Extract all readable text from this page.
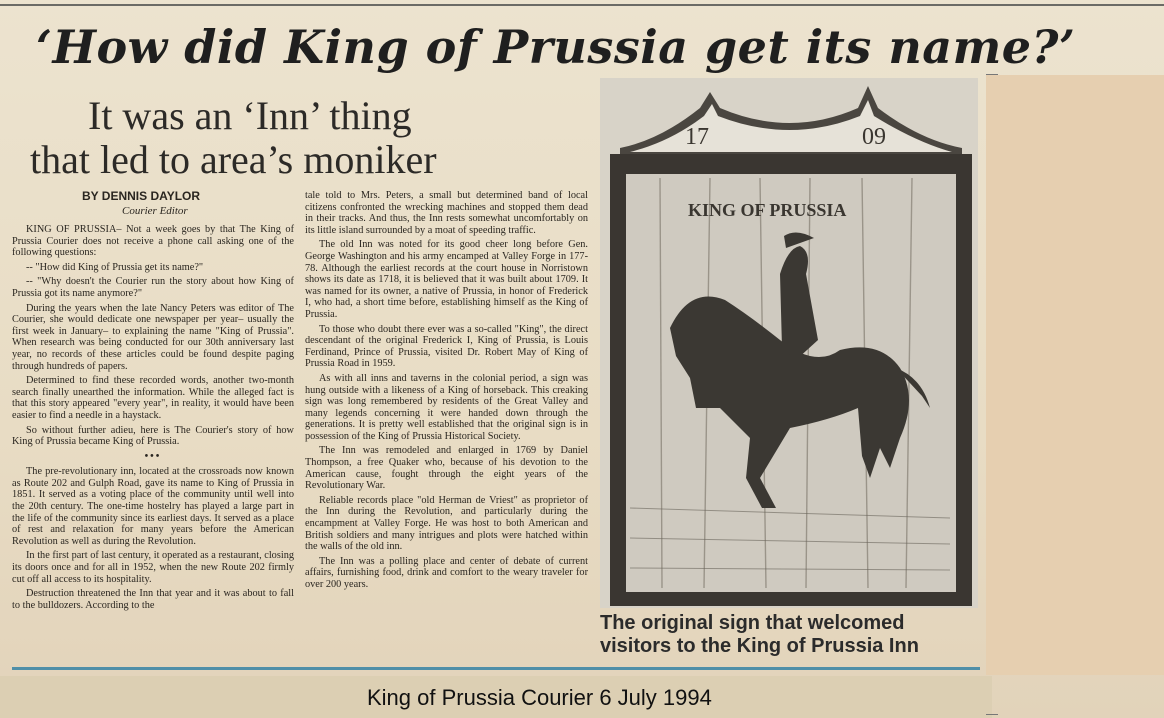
‘How did King of Prussia get its name?’
It was an ‘Inn’ thing
that led to area’s moniker
BY DENNIS DAYLOR
Courier Editor

KING OF PRUSSIA– Not a week goes by that The King of Prussia Courier does not receive a phone call asking one of the following questions:

-- "How did King of Prussia get its name?"

-- "Why doesn't the Courier run the story about how King of Prussia got its name anymore?"

During the years when the late Nancy Peters was editor of The Courier, she would dedicate one newspaper per year– usually the first week in January– to explaining the name "King of Prussia". When research was being conducted for our 30th anniversary last year, no records of these articles could be found despite paging through hundreds of papers.

Determined to find these recorded words, another two-month search finally unearthed the information. While the alleged fact is that this story appeared "every year", in reality, it would have been easier to find a needle in a haystack.

So without further adieu, here is The Courier's story of how King of Prussia became King of Prussia.

•••

The pre-revolutionary inn, located at the crossroads now known as Route 202 and Gulph Road, gave its name to King of Prussia in 1851. It served as a voting place of the community until well into the 20th century. The one-time hostelry has played a large part in the life of the community since its earliest days. It served as a place of rest and relaxation for many years before the American Revolution as well as during the Revolution.

In the first part of last century, it operated as a restaurant, closing its doors once and for all in 1952, when the new Route 202 firmly cut off all access to its hospitality.

Destruction threatened the Inn that year and it was about to fall to the bulldozers. According to the

tale told to Mrs. Peters, a small but determined band of local citizens confronted the wrecking machines and stopped them dead in their tracks. And thus, the Inn rests somewhat uncomfortably on its little island surrounded by a moat of speeding traffic.

The old Inn was noted for its good cheer long before Gen. George Washington and his army encamped at Valley Forge in 177-78. Although the earliest records at the court house in Norristown shows its date as 1718, it is believed that it was built about 1709. It was named for its owner, a native of Prussia, in honor of Frederick I, who had, a short time before, establishing himself as the King of Prussia.

To those who doubt there ever was a so-called "King", the direct descendant of the original Frederick I, King of Prussia, is Louis Ferdinand, Prince of Prussia, visited Dr. Robert May of King of Prussia Road in 1959.

As with all inns and taverns in the colonial period, a sign was hung outside with a likeness of a King of horseback. This creaking sign was long remembered by residents of the Great Valley and many legends concerning it were handed down through the generations. It is pretty well established that the original sign is in possession of the King of Prussia Historical Society.

The Inn was remodeled and enlarged in 1769 by Daniel Thompson, a free Quaker who, because of his devotion to the American cause, fought through the eight years of the Revolutionary War.

Reliable records place "old Herman de Vriest" as proprietor of the Inn during the Revolution, and particularly during the encampment at Valley Forge. He was host to both American and British soldiers and many intrigues and plots were hatched within the walls of the old inn.

The Inn was a polling place and center of debate of current affairs, furnishing food, drink and comfort to the weary traveler for over 200 years.

17	09
KING OF PRUSSIA
The original sign that welcomed
visitors to the King of Prussia Inn
King of Prussia Courier 6 July 1994
